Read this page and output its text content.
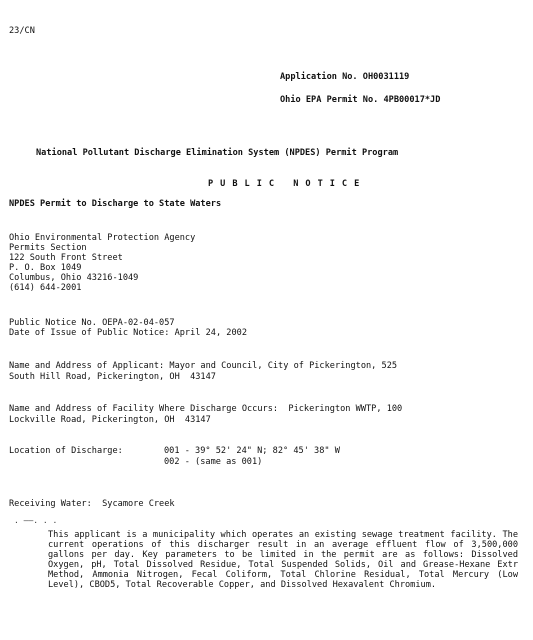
23/CN
Application No. OH0031119
Ohio EPA Permit No. 4PB00017*JD
National Pollutant Discharge Elimination System (NPDES) Permit Program
PUBLIC NOTICE
NPDES Permit to Discharge to State Waters
Ohio Environmental Protection Agency
Permits Section
122 South Front Street
P. O. Box 1049
Columbus, Ohio 43216-1049
(614) 644-2001
Public Notice No. OEPA-02-04-057
Date of Issue of Public Notice: April 24, 2002
Name and Address of Applicant: Mayor and Council, City of Pickerington, 525
South Hill Road, Pickerington, OH  43147
Name and Address of Facility Where Discharge Occurs:  Pickerington WWTP, 100
Lockville Road, Pickerington, OH  43147
Location of Discharge:	001 - 39° 52' 24" N; 82° 45' 38" W
002 - (same as 001)
Receiving Water:  Sycamore Creek
. ——. . .
This applicant is a municipality which operates an existing sewage treatment facility. The current operations of this discharger result in an average effluent flow of 3,500,000 gallons per day. Key parameters to be limited in the permit are as follows: Dissolved Oxygen, pH, Total Dissolved Residue, Total Suspended Solids, Oil and Grease-Hexane Extr Method, Ammonia Nitrogen, Fecal Coliform, Total Chlorine Residual, Total Mercury (Low Level), CBOD5, Total Recoverable Copper, and Dissolved Hexavalent Chromium.
